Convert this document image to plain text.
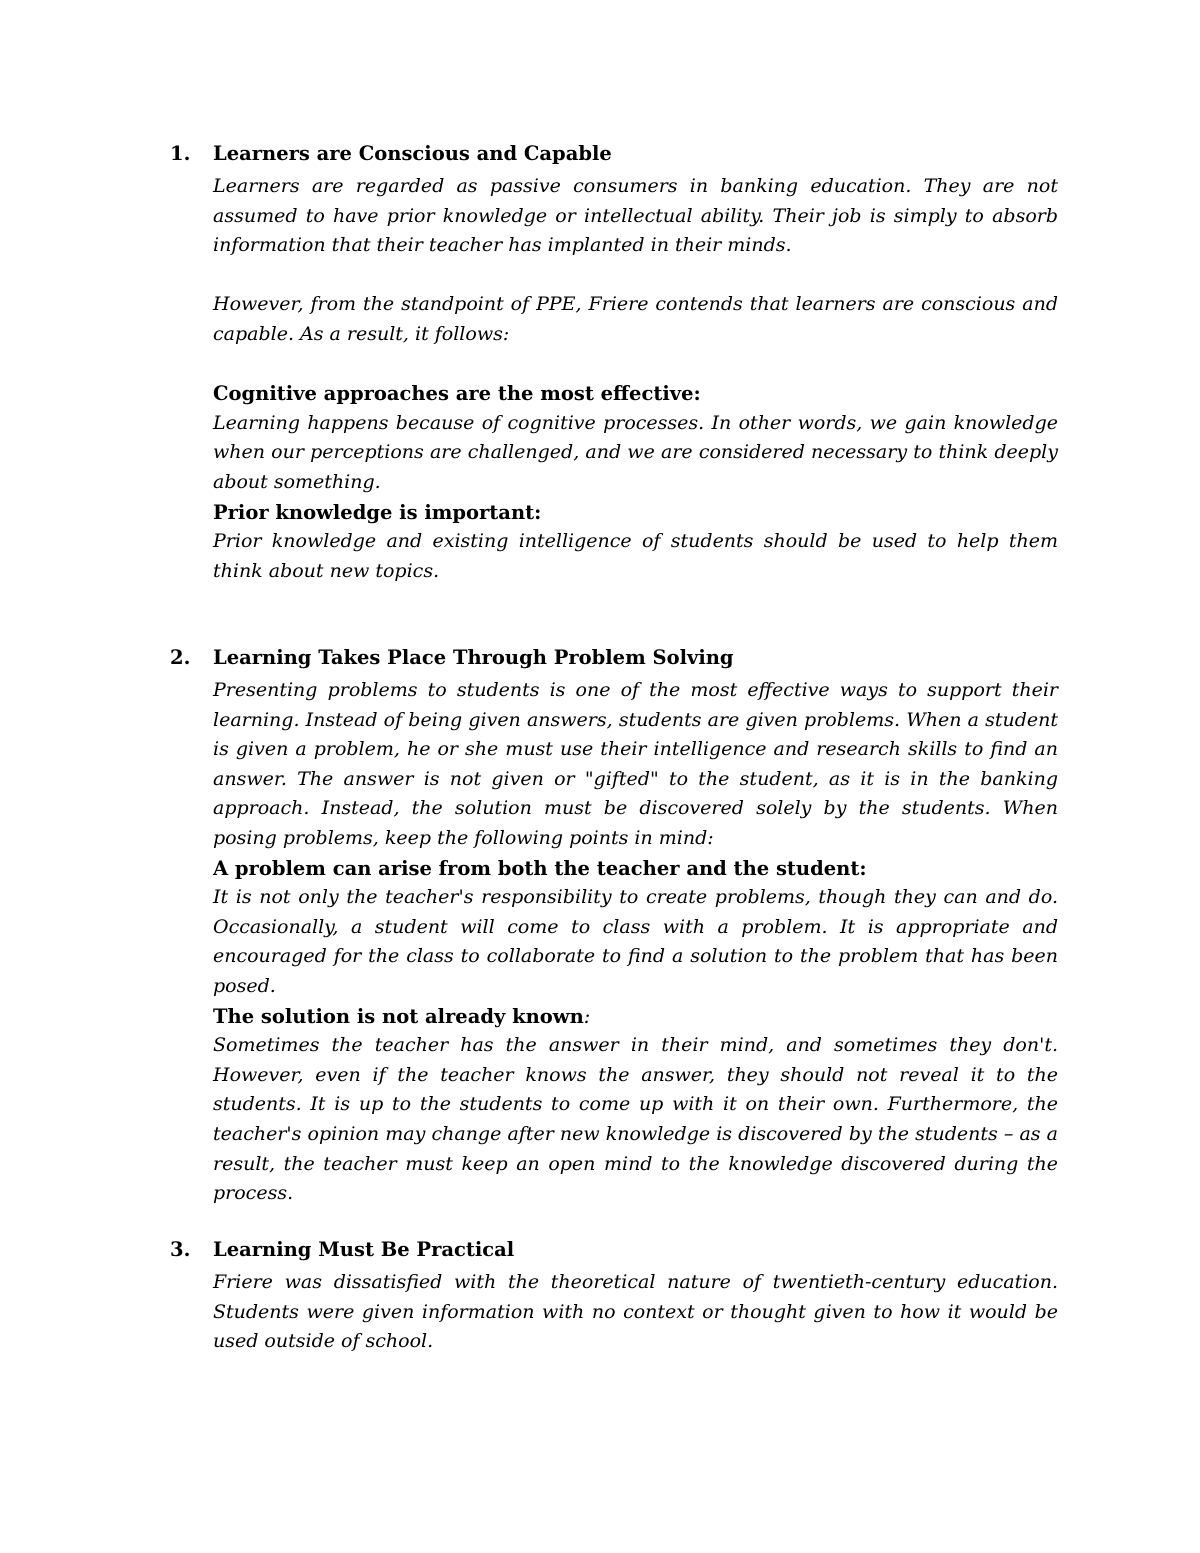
1.	Learners are Conscious and Capable

Learners are regarded as passive consumers in banking education. They are not assumed to have prior knowledge or intellectual ability. Their job is simply to absorb information that their teacher has implanted in their minds.

However, from the standpoint of PPE, Friere contends that learners are conscious and capable. As a result, it follows:

Cognitive approaches are the most effective:

Learning happens because of cognitive processes. In other words, we gain knowledge when our perceptions are challenged, and we are considered necessary to think deeply about something.

Prior knowledge is important:

Prior knowledge and existing intelligence of students should be used to help them think about new topics.

2.	Learning Takes Place Through Problem Solving

Presenting problems to students is one of the most effective ways to support their learning. Instead of being given answers, students are given problems. When a student is given a problem, he or she must use their intelligence and research skills to find an answer. The answer is not given or "gifted" to the student, as it is in the banking approach. Instead, the solution must be discovered solely by the students. When posing problems, keep the following points in mind:

A problem can arise from both the teacher and the student:

It is not only the teacher's responsibility to create problems, though they can and do. Occasionally, a student will come to class with a problem. It is appropriate and encouraged for the class to collaborate to find a solution to the problem that has been posed.

The solution is not already known:

Sometimes the teacher has the answer in their mind, and sometimes they don't. However, even if the teacher knows the answer, they should not reveal it to the students. It is up to the students to come up with it on their own. Furthermore, the teacher's opinion may change after new knowledge is discovered by the students – as a result, the teacher must keep an open mind to the knowledge discovered during the process.

3.	Learning Must Be Practical

Friere was dissatisfied with the theoretical nature of twentieth-century education. Students were given information with no context or thought given to how it would be used outside of school.
